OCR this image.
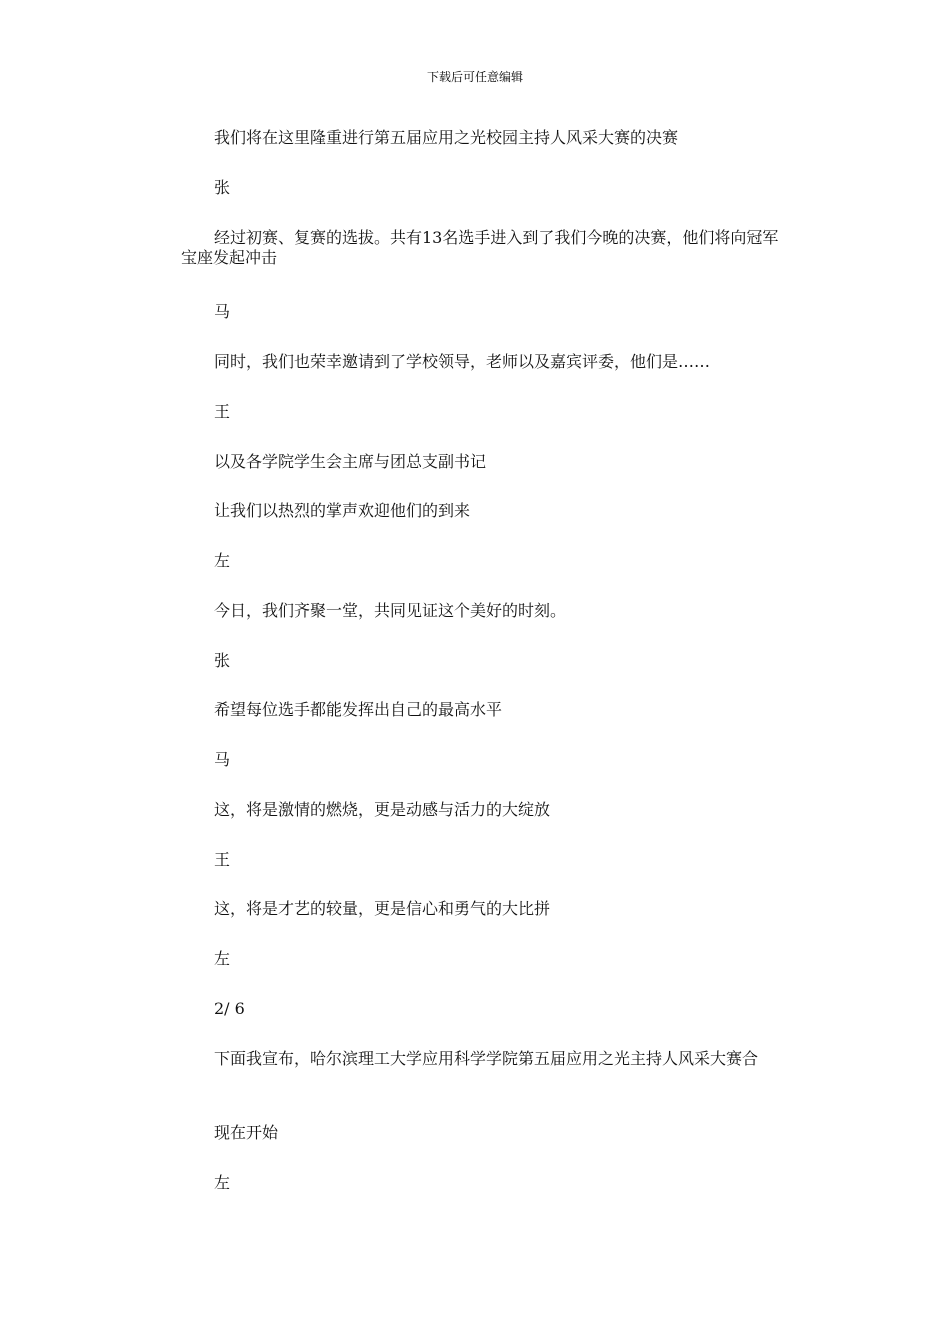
下载后可任意编辑
我们将在这里隆重进行第五届应用之光校园主持人风采大赛的决赛
张
经过初赛、复赛的选拔。共有13名选手进入到了我们今晚的决赛，他们将向冠军宝座发起冲击
马
同时，我们也荣幸邀请到了学校领导，老师以及嘉宾评委，他们是……
王
以及各学院学生会主席与团总支副书记
让我们以热烈的掌声欢迎他们的到来
左
今日，我们齐聚一堂，共同见证这个美好的时刻。
张
希望每位选手都能发挥出自己的最高水平
马
这，将是激情的燃烧，更是动感与活力的大绽放
王
这，将是才艺的较量，更是信心和勇气的大比拼
左
2/ 6
下面我宣布，哈尔滨理工大学应用科学学院第五届应用之光主持人风采大赛合
现在开始
左
